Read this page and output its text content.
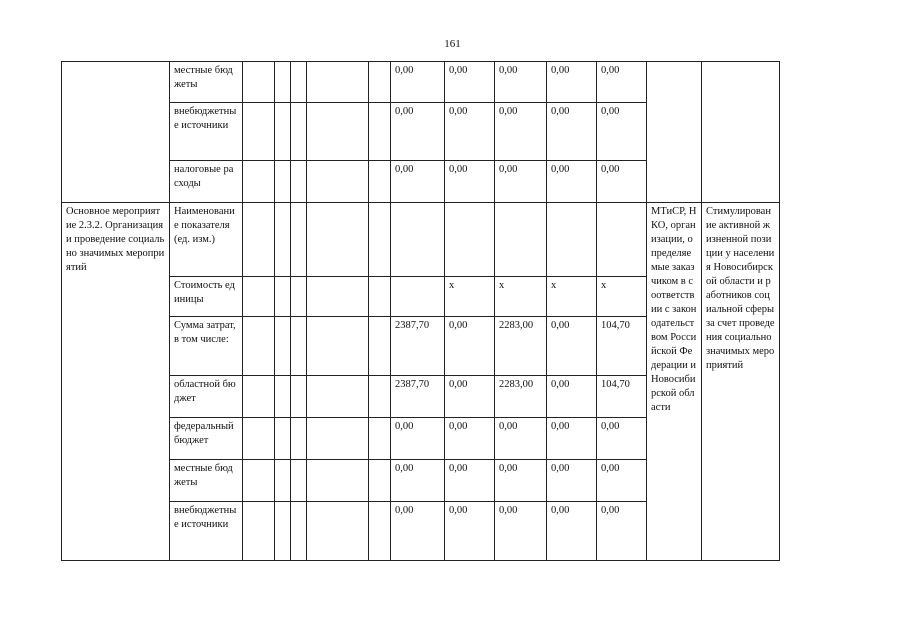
161
	местные бюджеты						0,00	0,00	0,00	0,00	0,00		
	внебюджетные источники						0,00	0,00	0,00	0,00	0,00		
	налоговые расходы						0,00	0,00	0,00	0,00	0,00		
Основное мероприятие 2.3.2. Организация и проведение социально значимых мероприятий	Наименование показателя (ед. изм.)											МТиСР, НКО, организации, определяемые заказчиком в соответствии с законодательством Российской Федерации и Новосибирской области	Стимулирование активной жизненной позиции у населения Новосибирской области и работников социальной сферы за счет проведения социально значимых мероприятий
	Стоимость единицы							x	x	x	x		
	Сумма затрат, в том числе:						2387,70	0,00	2283,00	0,00	104,70		
	областной бюджет						2387,70	0,00	2283,00	0,00	104,70		
	федеральный бюджет						0,00	0,00	0,00	0,00	0,00		
	местные бюджеты						0,00	0,00	0,00	0,00	0,00		
	внебюджетные источники						0,00	0,00	0,00	0,00	0,00		
